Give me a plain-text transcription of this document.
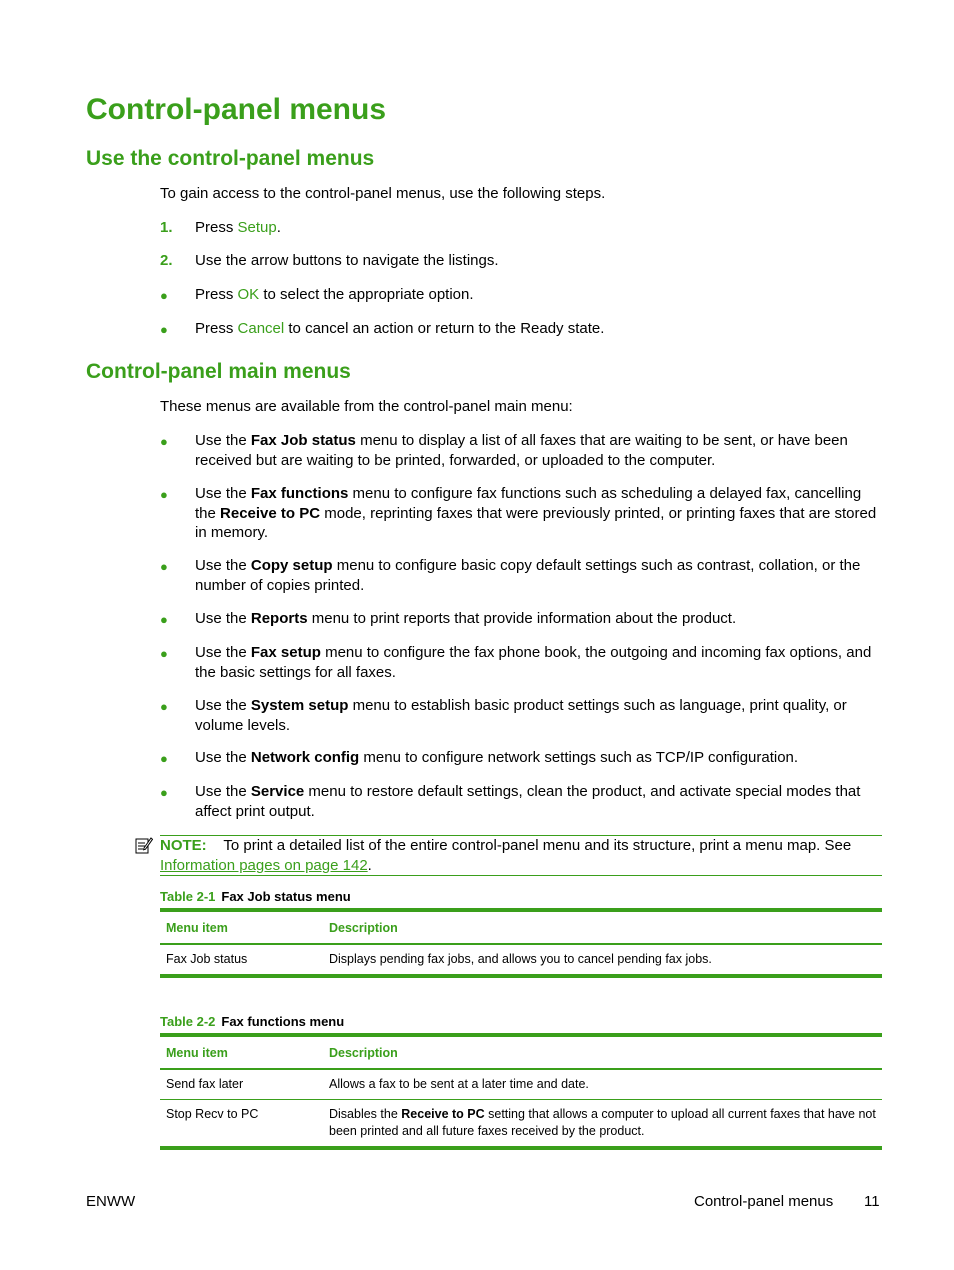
Control-panel menus
Use the control-panel menus
To gain access to the control-panel menus, use the following steps.
1. Press Setup.
2. Use the arrow buttons to navigate the listings.
● Press OK to select the appropriate option.
● Press Cancel to cancel an action or return to the Ready state.
Control-panel main menus
These menus are available from the control-panel main menu:
● Use the Fax Job status menu to display a list of all faxes that are waiting to be sent, or have been received but are waiting to be printed, forwarded, or uploaded to the computer.
● Use the Fax functions menu to configure fax functions such as scheduling a delayed fax, cancelling the Receive to PC mode, reprinting faxes that were previously printed, or printing faxes that are stored in memory.
● Use the Copy setup menu to configure basic copy default settings such as contrast, collation, or the number of copies printed.
● Use the Reports menu to print reports that provide information about the product.
● Use the Fax setup menu to configure the fax phone book, the outgoing and incoming fax options, and the basic settings for all faxes.
● Use the System setup menu to establish basic product settings such as language, print quality, or volume levels.
● Use the Network config menu to configure network settings such as TCP/IP configuration.
● Use the Service menu to restore default settings, clean the product, and activate special modes that affect print output.
NOTE: To print a detailed list of the entire control-panel menu and its structure, print a menu map. See Information pages on page 142.
Table 2-1 Fax Job status menu
Menu item	Description
Fax Job status	Displays pending fax jobs, and allows you to cancel pending fax jobs.
Table 2-2 Fax functions menu
Menu item	Description
Send fax later	Allows a fax to be sent at a later time and date.
Stop Recv to PC	Disables the Receive to PC setting that allows a computer to upload all current faxes that have not been printed and all future faxes received by the product.
ENWW	Control-panel menus 11
